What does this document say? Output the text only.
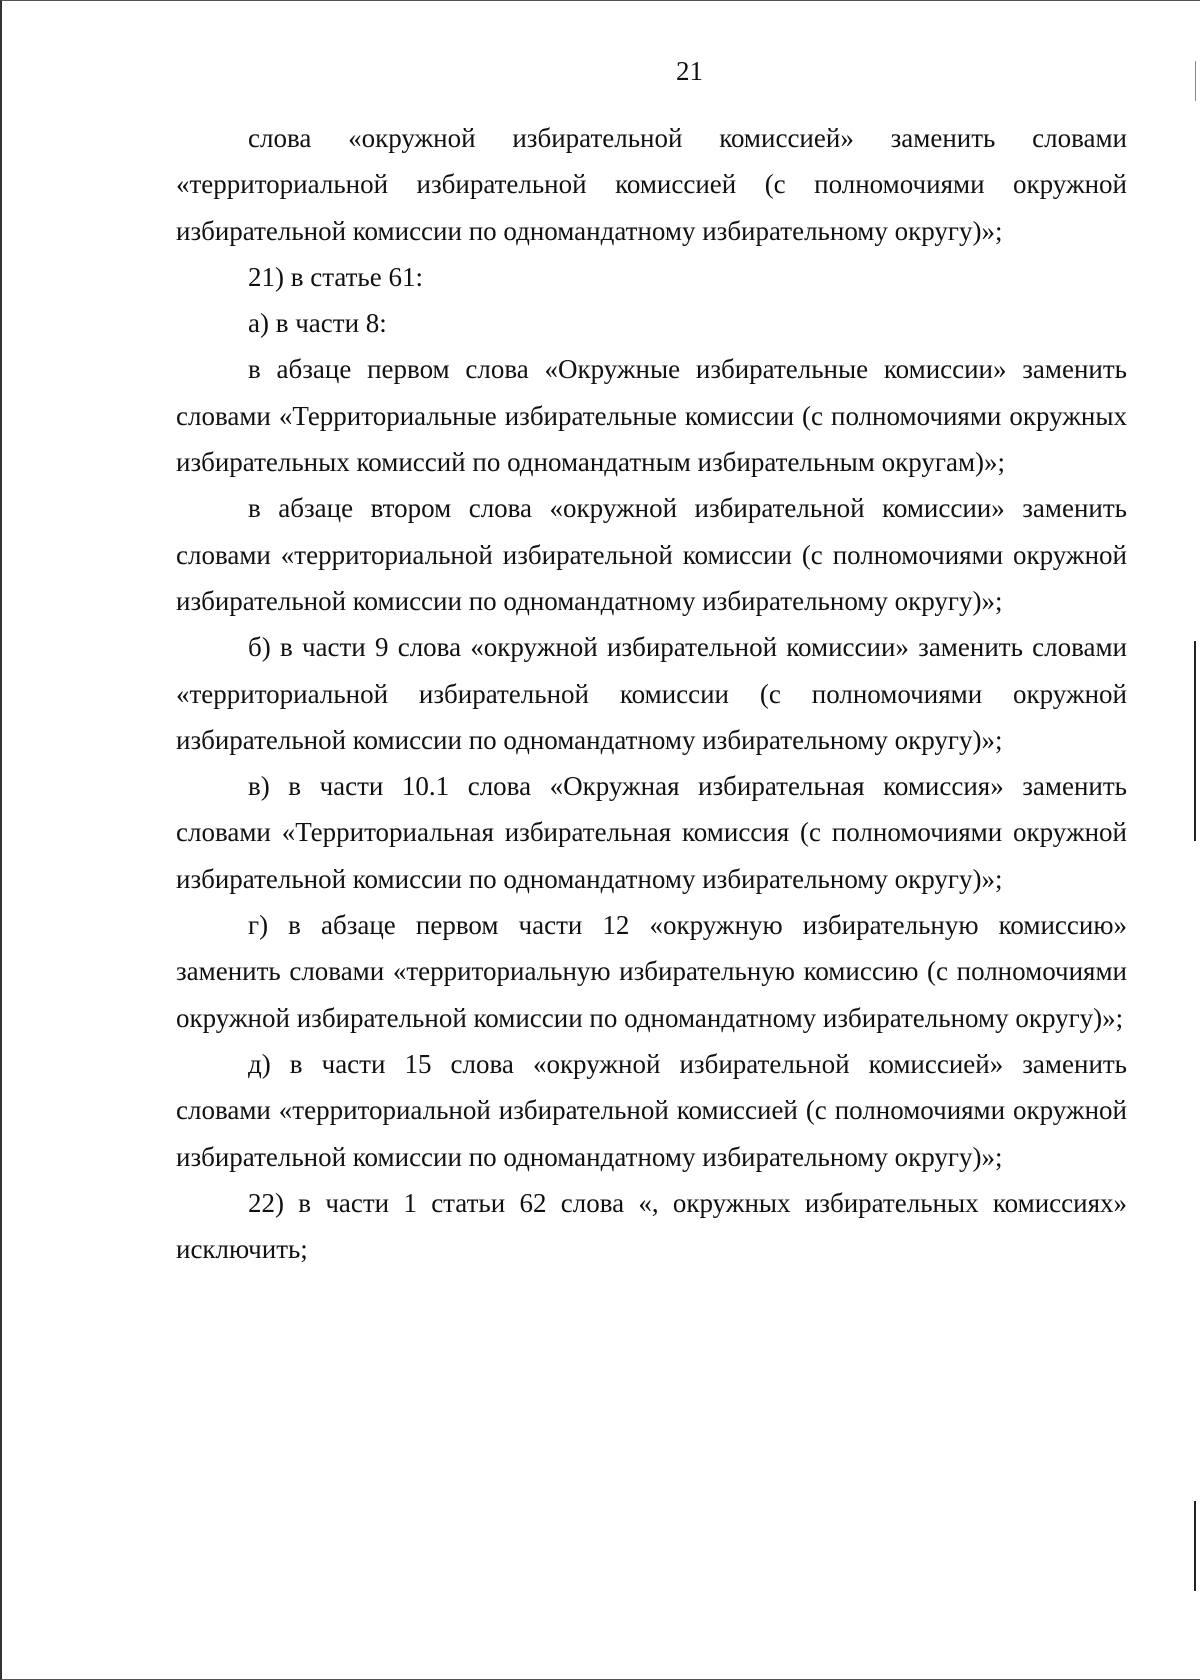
21

слова «окружной избирательной комиссией» заменить словами «территориальной избирательной комиссией (с полномочиями окружной избирательной комиссии по одномандатному избирательному округу)»;

21) в статье 61:

а) в части 8:

в абзаце первом слова «Окружные избирательные комиссии» заменить словами «Территориальные избирательные комиссии (с полномочиями окружных избирательных комиссий по одномандатным избирательным округам)»;

в абзаце втором слова «окружной избирательной комиссии» заменить словами «территориальной избирательной комиссии (с полномочиями окружной избирательной комиссии по одномандатному избирательному округу)»;

б) в части 9 слова «окружной избирательной комиссии» заменить словами «территориальной избирательной комиссии (с полномочиями окружной избирательной комиссии по одномандатному избирательному округу)»;

в) в части 10.1 слова «Окружная избирательная комиссия» заменить словами «Территориальная избирательная комиссия (с полномочиями окружной избирательной комиссии по одномандатному избирательному округу)»;

г) в абзаце первом части 12 «окружную избирательную комиссию» заменить словами «территориальную избирательную комиссию (с полномочиями окружной избирательной комиссии по одномандатному избирательному округу)»;

д) в части 15 слова «окружной избирательной комиссией» заменить словами «территориальной избирательной комиссией (с полномочиями окружной избирательной комиссии по одномандатному избирательному округу)»;

22) в части 1 статьи 62 слова «, окружных избирательных комиссиях» исключить;
